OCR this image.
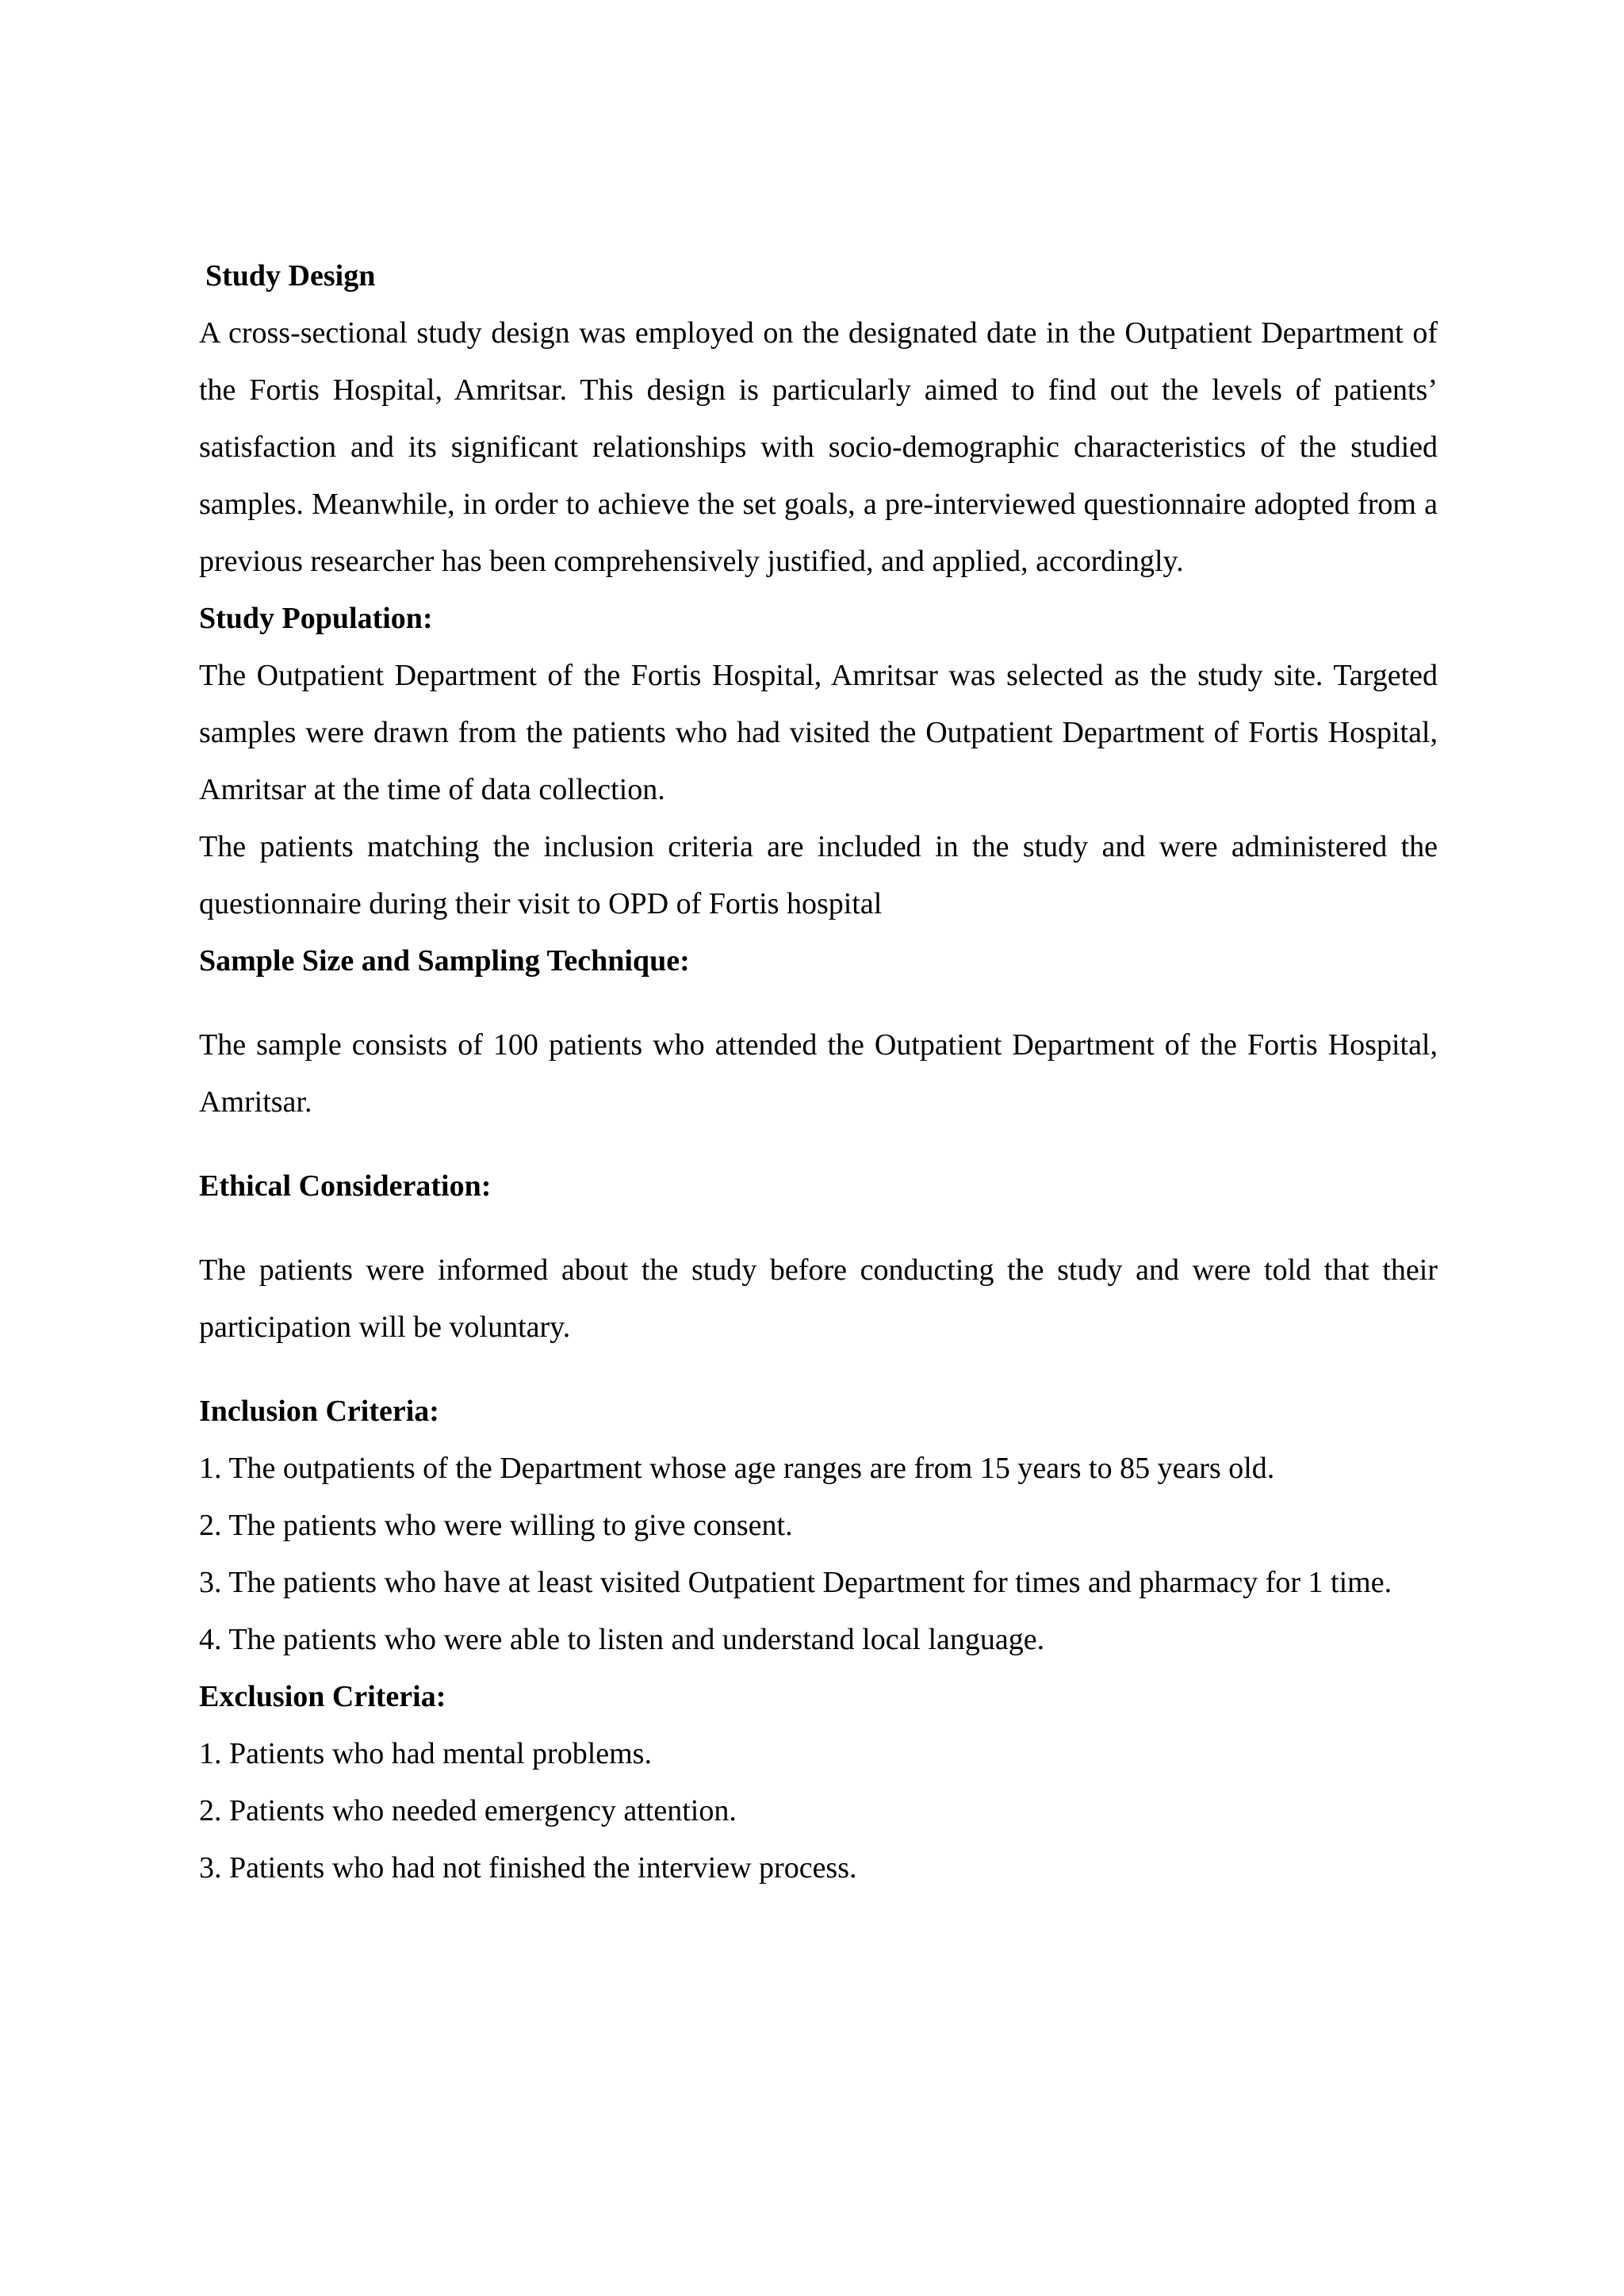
Study Design

A cross-sectional study design was employed on the designated date in the Outpatient Department of the Fortis Hospital, Amritsar. This design is particularly aimed to find out the levels of patients’ satisfaction and its significant relationships with socio-demographic characteristics of the studied samples. Meanwhile, in order to achieve the set goals, a pre-interviewed questionnaire adopted from a previous researcher has been comprehensively justified, and applied, accordingly.

Study Population:

The Outpatient Department of the Fortis Hospital, Amritsar was selected as the study site. Targeted samples were drawn from the patients who had visited the Outpatient Department of Fortis Hospital, Amritsar at the time of data collection.

The patients matching the inclusion criteria are included in the study and were administered the questionnaire during their visit to OPD of Fortis hospital

Sample Size and Sampling Technique:

The sample consists of 100 patients who attended the Outpatient Department of the Fortis Hospital, Amritsar.

Ethical Consideration:

The patients were informed about the study before conducting the study and were told that their participation will be voluntary.

Inclusion Criteria:

1. The outpatients of the Department whose age ranges are from 15 years to 85 years old.

2. The patients who were willing to give consent.

3. The patients who have at least visited Outpatient Department for times and pharmacy for 1 time.

4. The patients who were able to listen and understand local language.

Exclusion Criteria:

1. Patients who had mental problems.

2. Patients who needed emergency attention.

3. Patients who had not finished the interview process.
